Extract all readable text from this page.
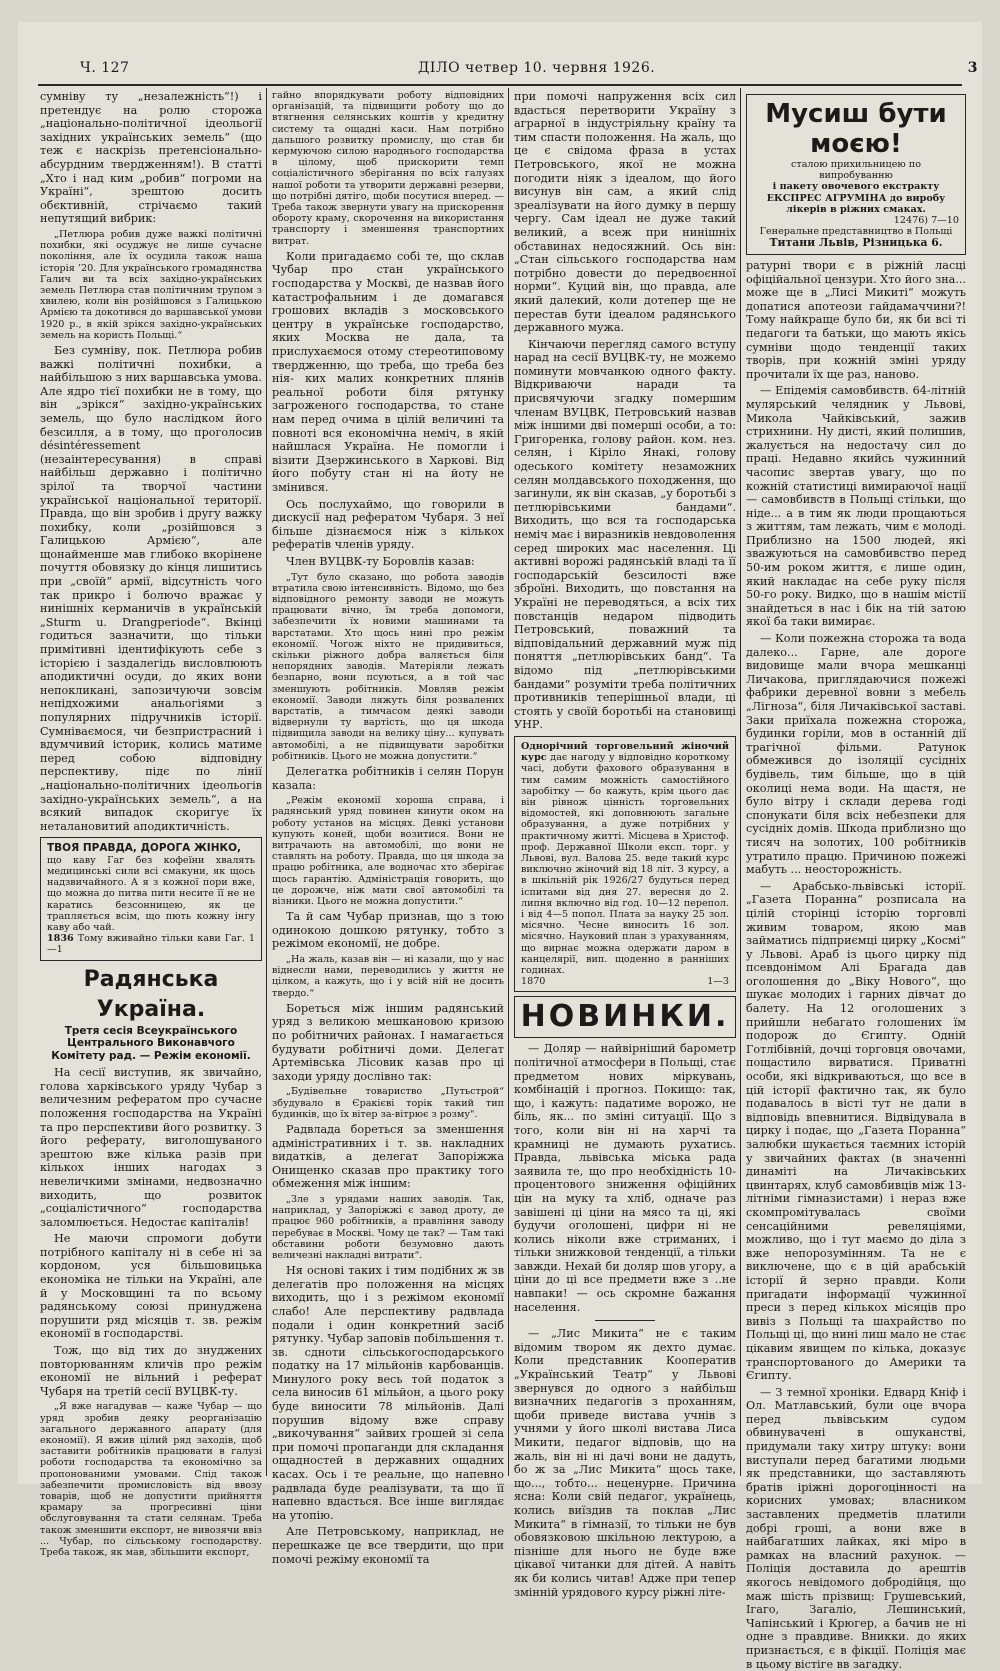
Ч. 127	ДІЛО четвер 10. червня 1926.	3

сумніву ту „незалежність“!) і претендує на ролю сторожа „національно-політичної ідеольогії західних українських земель“ (що теж є наскрізь претенсіонально-абсурдним твердженням!). В статті „Хто і над ким „робив“ погроми на Україні“, зрештою досить обєктивній, стрічаємо такий непутящий вибрик:

„Петлюра робив дуже важкі політичні похибки, які осуджує не лише сучасне покоління, але їх осудила також наша історія ’20. Для українського громадянства Галич ви та всіх західно-українських земель Петлюра став політичним трупом з хвилею, коли він розійшовся з Галицькою Армією та докотився до варшавської умови 1920 р., в якій зрікся західно-українських земель на користь Польщі.“

Без сумніву, пок. Петлюра робив важкі політичні похибки, а найбільшою з них варшавська умова. Але ядро тієї похибки не в тому, що він „зрікся“ західно-українських земель, що було наслідком його безсилля, а в тому, що проголосив désintéressement (незаінтересування) в справі найбільш державно і політично зрілої та творчої частини української національної території. Правда, що він зробив і другу важку похибку, коли „розійшовся з Галицькою Армією“, але щонайменше мав глибоко вкорінене почуття обовязку до кінця лишитись при „своїй“ армії, відсутність чого так прикро і болючо вражає у нинішніх керманичів в українській „Sturm u. Drangperiode“. Вкінці годиться зазначити, що тільки примітивні ідентифікують себе з історією і заздалегідь висловлюють аподиктичні осуди, до яких вони непокликані, запозичуючи зовсім непідхожими анальогіями з популярних підручників історії. Сумніваємося, чи безпристрасний і вдумчивий історик, колись матиме перед собою відповідну перспективу, підє по лінії „національно-політичних ідеольогів західно-українських земель“, а на всякий випадок скоригує їх неталановитий аподиктичність.

ТВОЯ ПРАВДА, ДОРОГА ЖІНКО,
що каву Гаг без кофеїни хвалять медицинські сили всі смакуни, як щось надзвичайного. А я з кожної пори вже, що можна до питва пити несите її не не каратись безсонницею, як це трапляється всім, що пють кожну інгу каву або чай.
1836 Тому вживайно тільки кави Гаг. 1—1
Радянська Україна.
Третя сесія Всеукраїнського Центрального Виконавчого Комітету рад. — Режім економії.

На сесії виступив, як звичайно, голова харківського уряду Чубар з величезним рефератом про сучасне положення господарства на Україні та про перспективи його розвитку. З його реферату, виголошуваного зрештою вже кілька разів при кількох інших нагодах з невеличкими змінами, недвозначно виходить, що розвиток „соціалістичного“ господарства заломлюється. Недостає капіталів!

Не маючи спромоги добути потрібного капіталу ні в себе ні за кордоном, уся більшовицька економіка не тільки на Україні, але й у Московщині та по всьому радянському союзі принуджена порушити ряд місяців т. зв. режім економії в господарстві.

Тож, що від тих до знуджених повторюванням кличів про режім економії не вільний і реферат Чубаря на третій сесії ВУЦВК-ту.

„Я вже нагадував — каже Чубар — що уряд зробив деяку реорганізацію загального державного апарату (для економії). Я вжив цілий ряд заходів, щоб заставити робітників працювати в галузі роботи господарства та економічно за пропонованими умовами. Слід також забезпечити промисловість від ввозу товарів, щоб не допустити прийняття крамару за прогресивні ціни обслуговування та стати селянам. Треба також зменшити експорт, не вивозячи ввіз ... Чубар, по сільському господарству. Треба також, як мав, збільшити експорт,

гайно впорядкувати роботу відповідних організацій, та підвищити роботу що до втягнення селянських коштів у кредитну систему та ощадні каси. Нам потрібно дальшого розвитку промислу, що став би кермуючою силою народнього господарства в цілому, щоб прискорити темп соціалістичного зберігання по всіх галузях нашої роботи та утворити державні резерви, що потрібні дятіго, щоби посутися вперед. — Треба також звернути увагу на прискорення обороту краму, скорочення на використання транспорту і зменшення транспортних витрат.

Коли пригадаємо собі те, що склав Чубар про стан українського господарства у Москві, де назвав його катастрофальним і де домагався грошових вкладів з московського центру в українське господарство, яких Москва не дала, та прислухаємося отому стереотиповому твердженню, що треба, що треба без нія- ких малих конкретних плянів реальної роботи біля рятунку загроженого господарства, то стане нам перед очима в цілій величині та повноті вся економічна неміч, в якій найшлася Україна. Не помогли і візити Дзержинського в Харкові. Від його побуту стан ні на йоту не змінився.

Ось послухаймо, що говорили в дискусії над рефератом Чубаря. З неї більше дізнаємося ніж з кількох рефератів членів уряду.

Член ВУЦВК-ту Боровлів казав:

„Тут було сказано, що робота заводів втратила свою інтенсивність. Відомо, що без відповідного ремонту заводи не можуть працювати вічно, їм треба допомоги, забезпечити їх новими машинами та варстатами. Хто щось нині про режім економії. Чогож ніхто не придивиться, скільки ріжного добра валяється біля непорядних заводів. Матеріяли лежать безпарно, вони псуються, а в той час зменшують робітників. Мовляв режім економії. Заводи ляжуть біля розвалених варстатів, а тимчасом деякі заводи відвернули ту вартість, що ця шкода підвищила заводи на велику ціну... купувать автомобілі, а не підвищувати заробітки робітників. Цього не можна допустити.“

Делегатка робітників і селян Порун казала:

„Режім економії хороша справа, і радянський уряд повинен кинути оком на роботу установ на місцях. Деякі установи купують коней, щоби возитися. Вони не витрачають на автомобілі, що вони не ставлять на роботу. Правда, що ця шкода за працю робітника, але водночас хто зберігає щось гарантію. Адміністрація говорить, що це дорожче, ніж мати свої автомобілі та візники. Цього не можна допустити.“

Та й сам Чубар признав, що з тою одинокою дошкою рятунку, тобто з режімом економії, не добре.

„На жаль, казав він — ні казали, що у нас віднесли нами, переводились у життя не цілком, а кажуть, що і у всій ній не досить твердо.“

Бореться між іншим радянський уряд з великою мешкановою кризою по робітничих районах. І намагається будувати робітничі доми. Делегат Артемівська Лісовик казав про ці заходи уряду дослівно так:

„Будівельне товариство „Путьстрой“ збудувало в Єракієві торік такий тип будинків, що їх вітер за-вітрює з розму".

Радвлада бореться за зменшення адміністративних і т. зв. накладних видатків, а делегат Запоріжжа Онищенко сказав про практику того обмеження між іншим:

„Зле з урядами наших заводів. Так, наприклад, у Запоріжжі є завод дроту, де працює 960 робітників, а правління заводу перебуває в Москві. Чому це так? — Там такі обставини роботи безумовно дають величезні накладні витрати“.

Ня основі таких і тим подібних ж зв делегатів про положення на місцях виходить, що і з режімом економії слабо! Але перспективу радвлада подали і один конкретний засіб рятунку. Чубар заповів побільшення т. зв. сдноти сільськогосподарського податку на 17 мільйонів карбованців. Минулого року весь той податок з села виносив 61 мільйон, а цього року буде виносити 78 мільйонів. Далі порушив відому вже справу „викочування“ зайвих грошей зі села при помочі пропаганди для складання ощадностей в державних ощадних касах. Ось і те реальне, що напевно радвлада буде реалізувати, та що її напевно вдасться. Все інше виглядає на утопію.

Але Петровському, наприклад, не перешкаже це все твердити, що при помочі режіму економії та

при помочі напруження всіх сил вдасться перетворити Україну з аграрної в індустріяльну країну та тим спасти положення. На жаль, що це є свідома фраза в устах Петровського, якої не можна погодити ніяк з ідеалом, що його висунув він сам, а який слід зреалізувати на його думку в першу чергу. Сам ідеал не дуже такий великий, а всеж при нинішніх обставинах недосяжний. Ось він: „Стан сільського господарства нам потрібно довести до передвоєнної норми“. Куций він, що правда, але який далекий, коли дотепер ще не перестав бути ідеалом радянського державного мужа.

Кінчаючи перегляд самого вступу нарад на сесії ВУЦВК-ту, не можемо поминути мовчанкою одного факту. Відкриваючи наради та присвячуючи згадку помершим членам ВУЦВК, Петровський назвав між іншими дві померші особи, а то: Григоренка, голову район. ком. нез. селян, і Кіріло Янакі, голову одеського комітету незаможних селян молдавського походження, що загинули, як він сказав, „у боротьбі з петлюрівськими бандами“. Виходить, що вся та господарська неміч має і виразників невдоволення серед широких мас населення. Ці активні ворожі радянській владі та її господарській безсилості вже зброїні. Виходить, що повстання на Україні не переводяться, а всіх тих повстанців недаром підводить Петровський, поважний та відповідальний державний муж під поняття „петлюрівських банд“. Та відомо під „петлюрівськими бандами“ розуміти треба політичних противників теперішньої влади, ці стоять у своїй боротьбі на становищі УНР.

Однорічний торговельний жіночий курс дає нагоду у відповідно короткому часі, добути фахового образування в тим самим можність самостійного заробітку — бо кажуть, крім цього дає він рівнож цінність торговельних відомостей, які доповнюють загальне образування, а дуже потрібних у практичному житті. Місцева в Христоф. проф. Державної Школи експ. торг. у Львові, вул. Валова 25. веде такий курс виключно жіночий від 18 літ. З курсу, а в шкільній рік 1926/27 будуться перед іспитами від дня 27. вересня до 2. липня включно від год. 10—12 перепол. і від 4—5 попол. Плата за науку 25 зол. місячно. Чесне виносить 16 зол. місячно. Науковий план з урахуванням, що вирнає можна одержати даром в канцелярії, вип. щоденно в ранніших годинах.
1870	1—3
НОВИНКИ.

— Доляр — найвірніший барометр політичної атмосфери в Польщі, стає предметом нових міркувань, комбінацій і прогноз. Покищо: так, що, і кажуть: падатиме ворожо, не біль, як... по зміні ситуації. Що з того, коли він ні на харчі та крамниці не думають рухатись. Правда, львівська міська рада заявила те, що про необхідність 10-процентового зниження офіційних цін на муку та хліб, одначе раз завішені ці ціни на мясо та ці, які будучи оголошені, цифри ні не колись ніколи вже стриманих, і тільки знижковой тенденції, а тільки завжди. Нехай би доляр шов угору, а ціни до ці все предмети вже з ..не навпаки! — ось скромне бажання населення.

— „Лис Микита“ не є таким відомим твором як дехто думає. Коли представник Кооператив „Український Театр“ у Львові звернувся до одного з найбільш визначних педагогів з проханням, щоби приведе вистава учнів з учнями у його школі вистава Лиса Микити, педагог відповів, що на жаль, він ні ні дачі вони не дадуть, бо ж за „Лис Микита“ щось таке, що..., тобто... неценурне. Причина ясна: Коли свій педагог, українець, колись виїздив та поклав „Лис Микита“ в гімназії, то тільки не був обовязковою шкільною лектурою, а пізніше для нього не буде вже цікавої читанки для дітей. А навіть як би колись читав! Адже при тепер змінній урядового курсу ріжні літе-

Мусиш бути моєю!
сталою прихильницею по випробуванню
і пакету овочевого екстракту ЕКСПРЕС АГРУМІНА до виробу лікерів в ріжних смаках.
12476) 7—10
Генеральне представництво в Польщі
Титани Львів, Різницька 6.

ратурні твори є в ріжній ласці офіційальної цензури. Хто його зна... може ще в „Лисі Микиті“ можуть допатися апотеози гайдамаччини?! Тому найкраще було би, як би всі ті педагоги та батьки, що мають якісь сумніви щодо тенденції таких творів, при кожній зміні уряду прочитали їх ще раз, наново.

— Епідемія самовбивств. 64-літній мулярський челядник у Львові, Микола Чайківський, зажив стрихнини. Ну дисті, який полишив, жалується на недостачу сил до праці. Недавно якийсь чужинний часопис звертав увагу, що по кожній статистиці вимираючої нації — самовбивств в Польщі стільки, що ніде... а в тим як люди прощаються з життям, там лежать, чим є молоді. Приблизно на 1500 людей, які зважуються на самовбивство перед 50-им роком життя, є лише один, який накладає на себе руку після 50-го року. Видко, що в нашім містії знайдеться в нас і бік на тій затою якої ба таки вимирає.

— Коли пожежна сторожа та вода далеко... Гарне, але дороге видовище мали вчора мешканці Личакова, приглядаючися пожежі фабрики деревної вовни з мебель „Лігноза“, біля Личаківської заставі. Заки приїхала пожежна сторожа, будинки горіли, мов в останній дії трагічної фільми. Ратунок обмежився до ізоляції сусідніх будівель, тим більше, що в цій околиці нема води. На щастя, не було вітру і склади дерева годі спонукати біля всіх небезпеки для сусідніх домів. Шкода приблизно що тисяч на золотих, 100 робітників утратило працю. Причиною пожежі мабуть ... неосторожність.

— Арабсько-львівські історії. „Газета Поранна“ розписала на цілій сторінці історію торговлі живим товаром, якою мав займатись підприємці цирку „Космі“ у Львові. Араб із цього цирку під псевдонімом Алі Брагада дав оголошення до „Віку Нового“, що шукає молодих і гарних дівчат до балету. На 12 оголошених з прийшли небагато голошених їм подорож до Єгипту. Одній Готлібівній, дочці торговця овочами, пощастило вирватися. Приватні особи, які відкриваються, що все в цій історії фактично так, як було подавалось в вісті тут не дали в відповідь впевнитися. Відвідувала в цирку і подає, що „Газета Поранна“ залюбки шукається таємних історій у звичайних фактах (в значенні динаміті на Личаківських цвинтарях, клуб самовбивців між 13-літніми гімназистами) і нераз вже скомпромітувалась своїми сенсаційними ревеляціями, можливо, що і тут маємо до діла з вже непорозумінням. Та не є виключене, що є в цій арабській історії й зерно правди. Коли пригадати інформації чужинної преси з перед кількох місяців про вивіз з Польщі та шахрайство по Польщі ці, що нині лиш мало не стає цікавим явищем по кілька, доказує транспортованого до Америки та Єгипту.

— З темної хроніки. Едвард Кніф і Ол. Матлавський, були оце вчора перед львівським судом обвинувачені в ошуканстві, придумали таку хитру штуку: вони виступали перед багатими людьми як представники, що заставляють братів іріжні дорогоцінності на корисних умовах; власником заставлених предметів платили добрі гроші, а вони вже в найбагатших лайках, які міро в рамках на власний рахунок. — Поліція доставила до арештів якогось невідомого добродійця, що маж шість прізвищ: Грушевський, Ігаго, Загаліо, Лешинський, Чапінський і Крюгер, а бачив не ні одне з правдиве. Вникки. до яких признається, є в фікції. Поліція має в цьому вістіге вв загадку.
